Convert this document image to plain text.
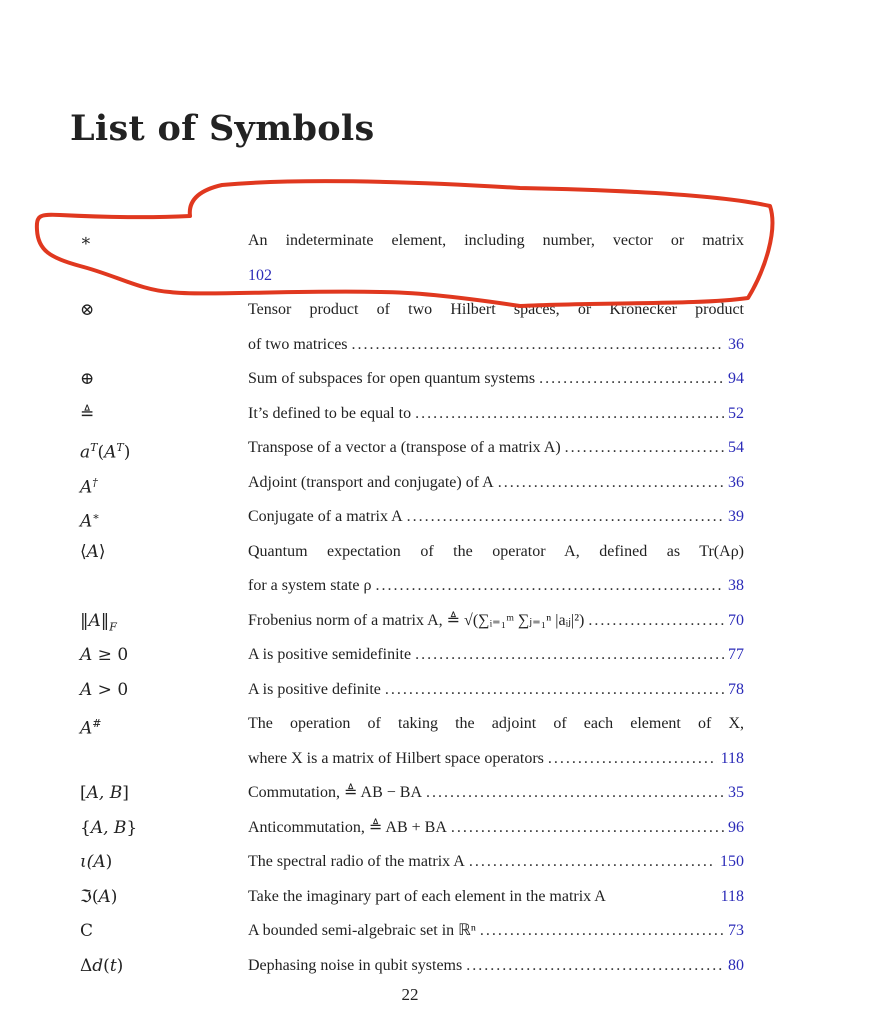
List of Symbols
∗	An indeterminate element, including number, vector or matrix
102
⊗	Tensor product of two Hilbert spaces, or Kronecker product
of two matrices .....	36
⊕	Sum of subspaces for open quantum systems .....	94
≜	It’s defined to be equal to .....	52
$a^T(A^T)$	Transpose of a vector a (transpose of a matrix A) .....	54
A†	Adjoint (transport and conjugate) of A .....	36
A∗	Conjugate of a matrix A .....	39
⟨A⟩	Quantum expectation of the operator A, defined as Tr(Aρ)
for a system state ρ .....	38
$‖A‖_F$	Frobenius norm of a matrix A, ≜ √(∑ᵢ₌₁ᵐ ∑ⱼ₌₁ⁿ |aᵢⱼ|²) .....	70
A ≥ 0	A is positive semidefinite .....	77
A > 0	A is positive definite .....	78
A#	The operation of taking the adjoint of each element of X,
where X is a matrix of Hilbert space operators .....	118
[A, B]	Commutation, ≜ AB − BA .....	35
{A, B}	Anticommutation, ≜ AB + BA .....	96
ι(A)	The spectral radio of the matrix A .....	150
ℑ(A)	Take the imaginary part of each element in the matrix A	118
C	A bounded semi-algebraic set in ℝⁿ .....	73
Δd(t)	Dephasing noise in qubit systems .....	80
22
